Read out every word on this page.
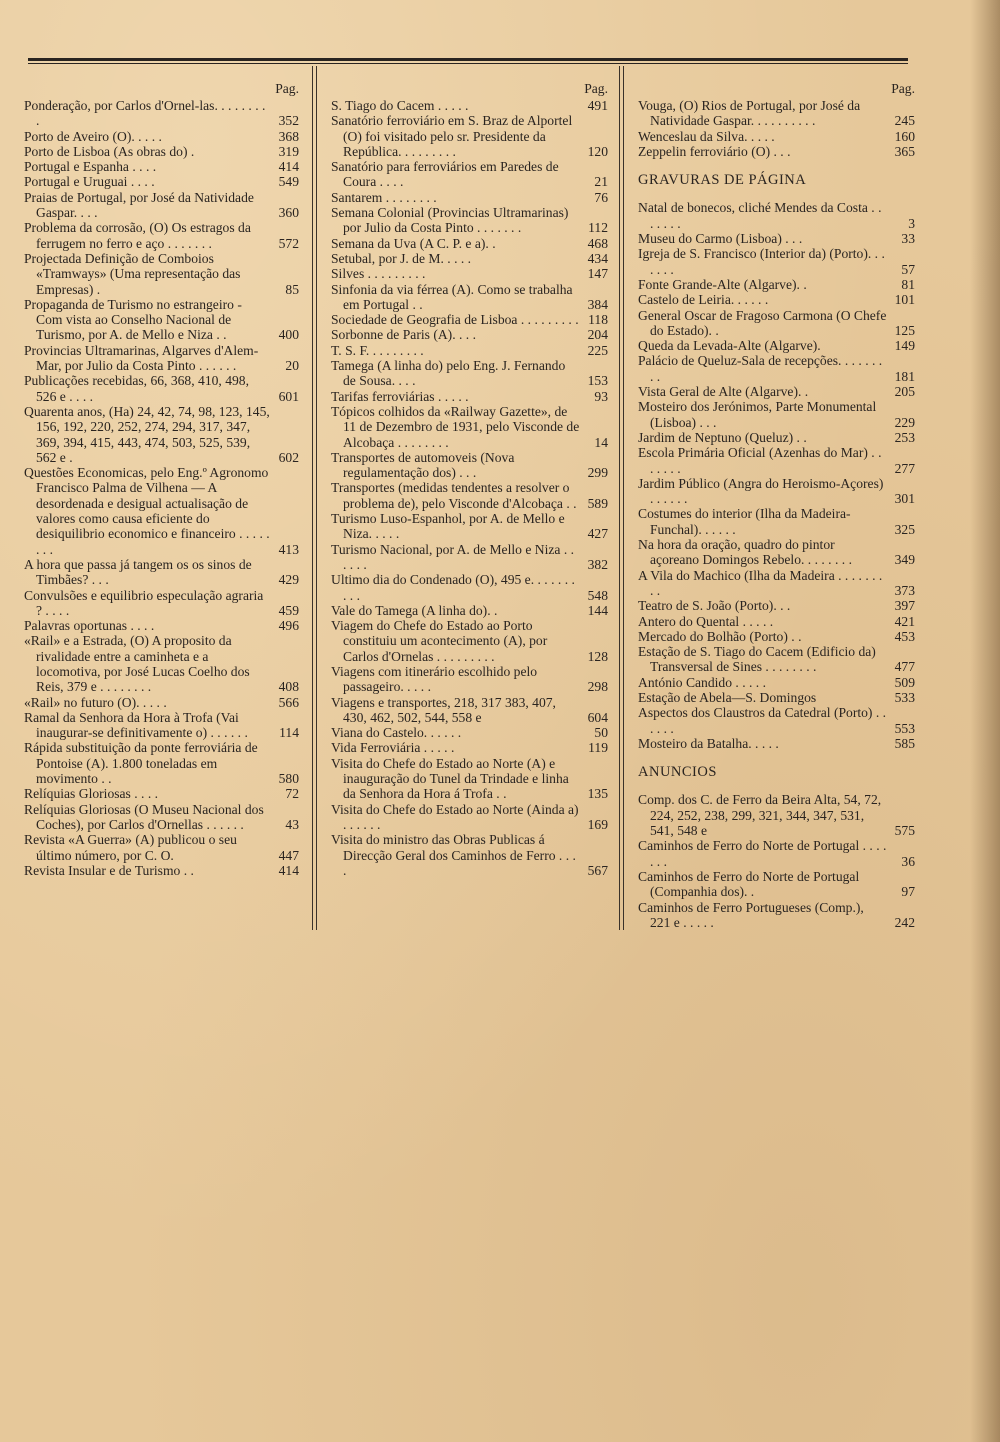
Pag.
Ponderação, por Carlos d'Ornel-las. . . . . . . . .	352
Porto de Aveiro (O). . . . .	368
Porto de Lisboa (As obras do) .	319
Portugal e Espanha . . . .	414
Portugal e Uruguai . . . .	549
Praias de Portugal, por José da Natividade Gaspar. . . .	360
Problema da corrosão, (O) Os estragos da ferrugem no ferro e aço . . . . . . .	572
Projectada Definição de Comboios «Tramways» (Uma representação das Empresas) .	85
Propaganda de Turismo no estrangeiro - Com vista ao Conselho Nacional de Turismo, por A. de Mello e Niza . .	400
Provincias Ultramarinas, Algarves d'Alem-Mar, por Julio da Costa Pinto . . . . . .	20
Publicações recebidas, 66, 368, 410, 498, 526 e . . . .	601
Quarenta anos, (Ha) 24, 42, 74, 98, 123, 145, 156, 192, 220, 252, 274, 294, 317, 347, 369, 394, 415, 443, 474, 503, 525, 539, 562 e .	602
Questões Economicas, pelo Eng.º Agronomo Francisco Palma de Vilhena — A desordenada e desigual actualisação de valores como causa eficiente do desiquilibrio economico e financeiro . . . . . . . .	413
A hora que passa já tangem os os sinos de Timbães? . . .	429
Convulsões e equilibrio especulação agraria ? . . . .	459
Palavras oportunas . . . .	496
«Rail» e a Estrada, (O) A proposito da rivalidade entre a caminheta e a locomotiva, por José Lucas Coelho dos Reis, 379 e . . . . . . . .	408
«Rail» no futuro (O). . . . .	566
Ramal da Senhora da Hora à Trofa (Vai inaugurar-se definitivamente o) . . . . . .	114
Rápida substituição da ponte ferroviária de Pontoise (A). 1.800 toneladas em movimento . .	580
Relíquias Gloriosas . . . .	72
Relíquias Gloriosas (O Museu Nacional dos Coches), por Carlos d'Ornellas . . . . . .	43
Revista «A Guerra» (A) publicou o seu último número, por C. O.	447
Revista Insular e de Turismo . .	414
Pag.
S. Tiago do Cacem . . . . .	491
Sanatório ferroviário em S. Braz de Alportel (O) foi visitado pelo sr. Presidente da República. . . . . . . . .	120
Sanatório para ferroviários em Paredes de Coura . . . .	21
Santarem . . . . . . . .	76
Semana Colonial (Provincias Ultramarinas) por Julio da Costa Pinto . . . . . . .	112
Semana da Uva (A C. P. e a). .	468
Setubal, por J. de M. . . . .	434
Silves . . . . . . . . .	147
Sinfonia da via férrea (A). Como se trabalha em Portugal . .	384
Sociedade de Geografia de Lisboa . . . . . . . . . 118
Sorbonne de Paris (A). . . .	204
T. S. F. . . . . . . . .	225
Tamega (A linha do) pelo Eng. J. Fernando de Sousa. . . .	153
Tarifas ferroviárias . . . . .	93
Tópicos colhidos da «Railway Gazette», de 11 de Dezembro de 1931, pelo Visconde de Alcobaça . . . . . . . .	14
Transportes de automoveis (Nova regulamentação dos) . . .	299
Transportes (medidas tendentes a resolver o problema de), pelo Visconde d'Alcobaça . . 589
Turismo Luso-Espanhol, por A. de Mello e Niza. . . . .	427
Turismo Nacional, por A. de Mello e Niza . . . . . .	382
Ultimo dia do Condenado (O), 495 e. . . . . . . . . .	548
Vale do Tamega (A linha do). .	144
Viagem do Chefe do Estado ao Porto constituiu um acontecimento (A), por Carlos d'Ornelas . . . . . . . . .	128
Viagens com itinerário escolhido pelo passageiro. . . . .	298
Viagens e transportes, 218, 317 383, 407, 430, 462, 502, 544, 558 e	604
Viana do Castelo. . . . . .	50
Vida Ferroviária . . . . .	119
Visita do Chefe do Estado ao Norte (A) e inauguração do Tunel da Trindade e linha da Senhora da Hora á Trofa . .	135
Visita do Chefe do Estado ao Norte (Ainda a) . . . . . .	169
Visita do ministro das Obras Publicas á Direcção Geral dos Caminhos de Ferro . . . .	567
Pag.
Vouga, (O) Rios de Portugal, por José da Natividade Gaspar. . . . . . . . . .	245
Wenceslau da Silva. . . . .	160
Zeppelin ferroviário (O) . . .	365
GRAVURAS DE PÁGINA
Natal de bonecos, cliché Mendes da Costa . . . . . . .	3
Museu do Carmo (Lisboa) . . .	33
Igreja de S. Francisco (Interior da) (Porto). . . . . . .	57
Fonte Grande-Alte (Algarve). .	81
Castelo de Leiria. . . . . .	101
General Oscar de Fragoso Carmona (O Chefe do Estado). .	125
Queda da Levada-Alte (Algarve).	149
Palácio de Queluz-Sala de recepções. . . . . . . . .	181
Vista Geral de Alte (Algarve). .	205
Mosteiro dos Jerónimos, Parte Monumental (Lisboa) . . .	229
Jardim de Neptuno (Queluz) . .	253
Escola Primária Oficial (Azenhas do Mar) . . . . . . .	277
Jardim Público (Angra do Heroismo-Açores) . . . . . .	301
Costumes do interior (Ilha da Madeira-Funchal). . . . . .	325
Na hora da oração, quadro do pintor açoreano Domingos Rebelo. . . . . . . .	349
A Vila do Machico (Ilha da Madeira . . . . . . . . .	373
Teatro de S. João (Porto). . .	397
Antero do Quental . . . . .	421
Mercado do Bolhão (Porto) . .	453
Estação de S. Tiago do Cacem (Edificio da) Transversal de Sines . . . . . . . .	477
António Candido . . . . .	509
Estação de Abela—S. Domingos	533
Aspectos dos Claustros da Catedral (Porto) . . . . . .	553
Mosteiro da Batalha. . . . .	585
ANUNCIOS
Comp. dos C. de Ferro da Beira Alta, 54, 72, 224, 252, 238, 299, 321, 344, 347, 531, 541, 548 e	575
Caminhos de Ferro do Norte de Portugal . . . . . . .	36
Caminhos de Ferro do Norte de Portugal (Companhia dos). .	97
Caminhos de Ferro Portugueses (Comp.), 221 e . . . . .	242
